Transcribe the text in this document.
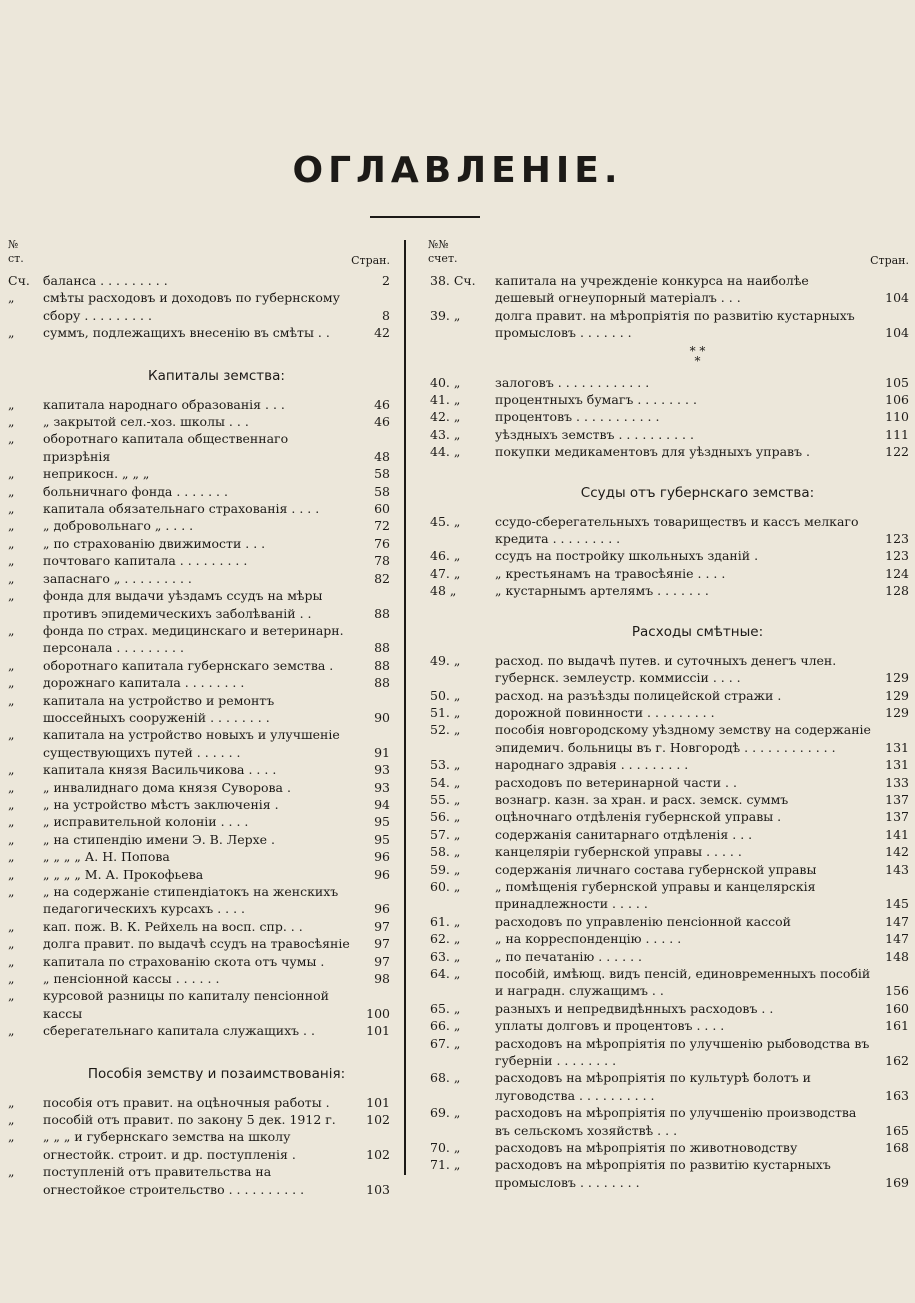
ОГЛАВЛЕНIЕ.
№
ст.	Стран.
Сч.	баланса . . . . . . . . .	2
„	смѣты расходовъ и доходовъ по губернскому сбору . . . . . . . . .	8
„	суммъ, подлежащихъ внесенію въ смѣты . .	42
Капиталы земства:
„	капитала народнаго образованія . . .	46
„	„ закрытой сел.-хоз. школы . . .	46
„	оборотнаго капитала общественнаго призрѣнія	48
„	неприкосн. „ „ „	58
„	больничнаго фонда . . . . . . .	58
„	капитала обязательнаго страхованія . . . .	60
„	„ добровольнаго „ . . . .	72
„	„ по страхованію движимости . . .	76
„	почтоваго капитала . . . . . . . . .	78
„	запаснаго „ . . . . . . . . .	82
„	фонда для выдачи уѣздамъ ссудъ на мѣры противъ эпидемическихъ заболѣваній . .	88
„	фонда по страх. медицинскаго и ветеринарн. персонала . . . . . . . . .	88
„	оборотнаго капитала губернскаго земства .	88
„	дорожнаго капитала . . . . . . . .	88
„	капитала на устройство и ремонтъ шоссейныхъ сооруженій . . . . . . . .	90
„	капитала на устройство новыхъ и улучшеніе существующихъ путей . . . . . .	91
„	капитала князя Васильчикова . . . .	93
„	„ инвалиднаго дома князя Суворова .	93
„	„ на устройство мѣстъ заключенія .	94
„	„ исправительной колоніи . . . .	95
„	„ на стипендію имени Э. В. Лерхе .	95
„	„ „ „ „ А. Н. Попова	96
„	„ „ „ „ М. А. Прокофьева	96
„	„ на содержаніе стипендіатокъ на женскихъ педагогическихъ курсахъ . . . .	96
„	кап. пож. В. К. Рейхель на восп. спр. . .	97
„	долга правит. по выдачѣ ссудъ на травосѣяніе 97
„	капитала по страхованію скота отъ чумы .	97
„	„ пенсіонной кассы . . . . . .	98
„	курсовой разницы по капиталу пенсіонной кассы	100
„	сберегательнаго капитала служащихъ . .	101
Пособія земству и позаимствованія:
„	пособія отъ правит. на оцѣночныя работы .	101
„	пособій отъ правит. по закону 5 дек. 1912 г.	102
„	„ „ „ и губернскаго земства на школу огнестойк. строит. и др. поступленія .	102
„	поступленій отъ правительства на огнестойкое строительство . . . . . . . . . .	103
№№
счет.	Стран.
38. Сч.	капитала на учрежденіе конкурса на наиболѣе дешевый огнеупорный матеріалъ . . .	104
39. „	долга правит. на мѣропріятія по развитію кустарныхъ промысловъ . . . . . . .	104
* *
*
40. „	залоговъ . . . . . . . . . . . .	105
41. „	процентныхъ бумагъ . . . . . . . .	106
42. „	процентовъ . . . . . . . . . . .	110
43. „	уѣздныхъ земствъ . . . . . . . . . .	111
44. „	покупки медикаментовъ для уѣздныхъ управъ .	122
Ссуды отъ губернскаго земства:
45. „	ссудо-сберегательныхъ товариществъ и кассъ мелкаго кредита . . . . . . . . .	123
46. „	ссудъ на постройку школьныхъ зданій .	123
47. „	„ крестьянамъ на травосѣяніе . . . .	124
48 „	„ кустарнымъ артелямъ . . . . . . .	128
Расходы смѣтные:
49. „	расход. по выдачѣ путев. и суточныхъ денегъ член. губернск. землеустр. коммиссіи . . . .	129
50. „	расход. на разъѣзды полицейской стражи .	129
51. „	дорожной повинности . . . . . . . . .	129
52. „	пособія новгородскому уѣздному земству на содержаніе эпидемич. больницы въ г. Новгородѣ . . . . . . . . . . . .	131
53. „	народнаго здравія . . . . . . . . .	131
54. „	расходовъ по ветеринарной части . .	133
55. „	вознагр. казн. за хран. и расх. земск. суммъ	137
56. „	оцѣночнаго отдѣленія губернской управы .	137
57. „	содержанія санитарнаго отдѣленія . . .	141
58. „	канцеляріи губернской управы . . . . .	142
59. „	содержанія личнаго состава губернской управы	143
60. „	„ помѣщенія губернской управы и канцелярскія принадлежности . . . . .	145
61. „	расходовъ по управленію пенсіонной кассой	147
62. „	„ на корреспонденцію . . . . .	147
63. „	„ по печатанію . . . . . .	148
64. „	пособій, имѣющ. видъ пенсій, единовременныхъ пособій и наградн. служащимъ . .	156
65. „	разныхъ и непредвидѣнныхъ расходовъ . .	160
66. „	уплаты долговъ и процентовъ . . . .	161
67. „	расходовъ на мѣропріятія по улучшенію рыбоводства въ губерніи . . . . . . . .	162
68. „	расходовъ на мѣропріятія по культурѣ болотъ и луговодства . . . . . . . . . .	163
69. „	расходовъ на мѣропріятія по улучшенію производства въ сельскомъ хозяйствѣ . . .	165
70. „	расходовъ на мѣропріятія по животноводству	168
71. „	расходовъ на мѣропріятія по развитію кустарныхъ промысловъ . . . . . . . .	169
